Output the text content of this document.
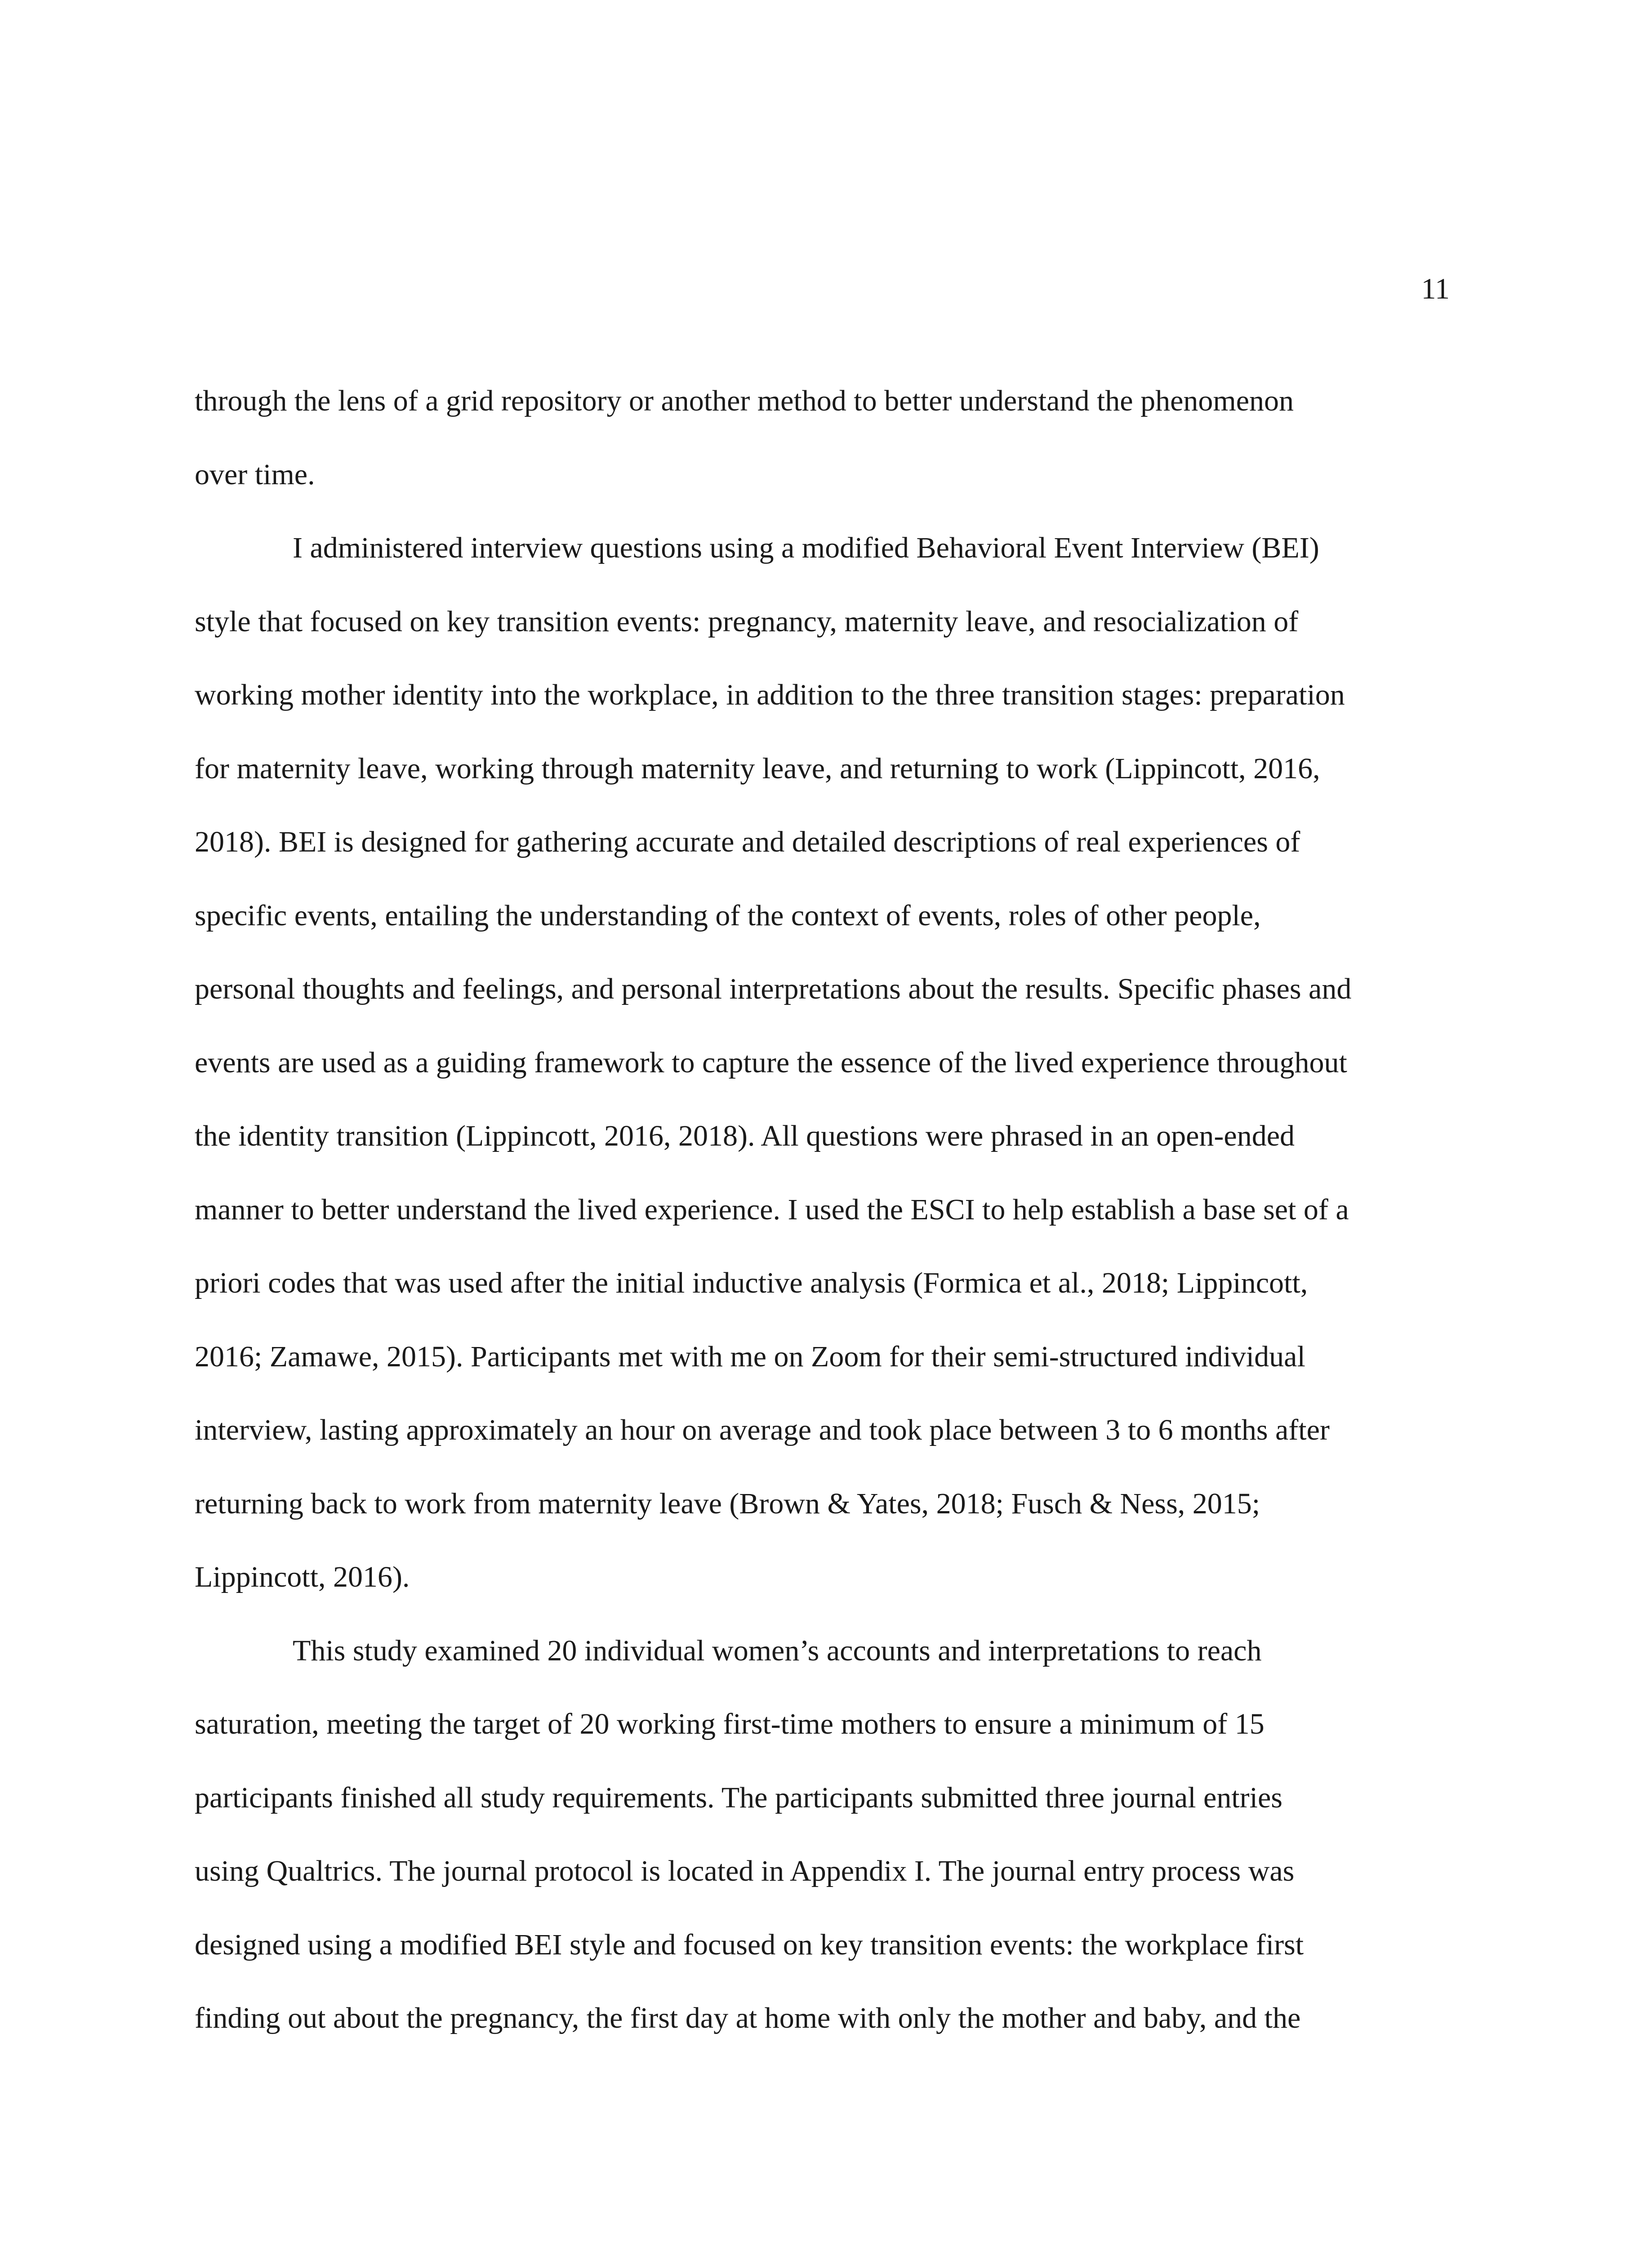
11

through the lens of a grid repository or another method to better understand the phenomenon
over time.

I administered interview questions using a modified Behavioral Event Interview (BEI)
style that focused on key transition events: pregnancy, maternity leave, and resocialization of
working mother identity into the workplace, in addition to the three transition stages: preparation
for maternity leave, working through maternity leave, and returning to work (Lippincott, 2016,
2018). BEI is designed for gathering accurate and detailed descriptions of real experiences of
specific events, entailing the understanding of the context of events, roles of other people,
personal thoughts and feelings, and personal interpretations about the results. Specific phases and
events are used as a guiding framework to capture the essence of the lived experience throughout
the identity transition (Lippincott, 2016, 2018). All questions were phrased in an open-ended
manner to better understand the lived experience. I used the ESCI to help establish a base set of a
priori codes that was used after the initial inductive analysis (Formica et al., 2018; Lippincott,
2016; Zamawe, 2015). Participants met with me on Zoom for their semi-structured individual
interview, lasting approximately an hour on average and took place between 3 to 6 months after
returning back to work from maternity leave (Brown & Yates, 2018; Fusch & Ness, 2015;
Lippincott, 2016).

This study examined 20 individual women’s accounts and interpretations to reach
saturation, meeting the target of 20 working first-time mothers to ensure a minimum of 15
participants finished all study requirements. The participants submitted three journal entries
using Qualtrics. The journal protocol is located in Appendix I. The journal entry process was
designed using a modified BEI style and focused on key transition events: the workplace first
finding out about the pregnancy, the first day at home with only the mother and baby, and the
